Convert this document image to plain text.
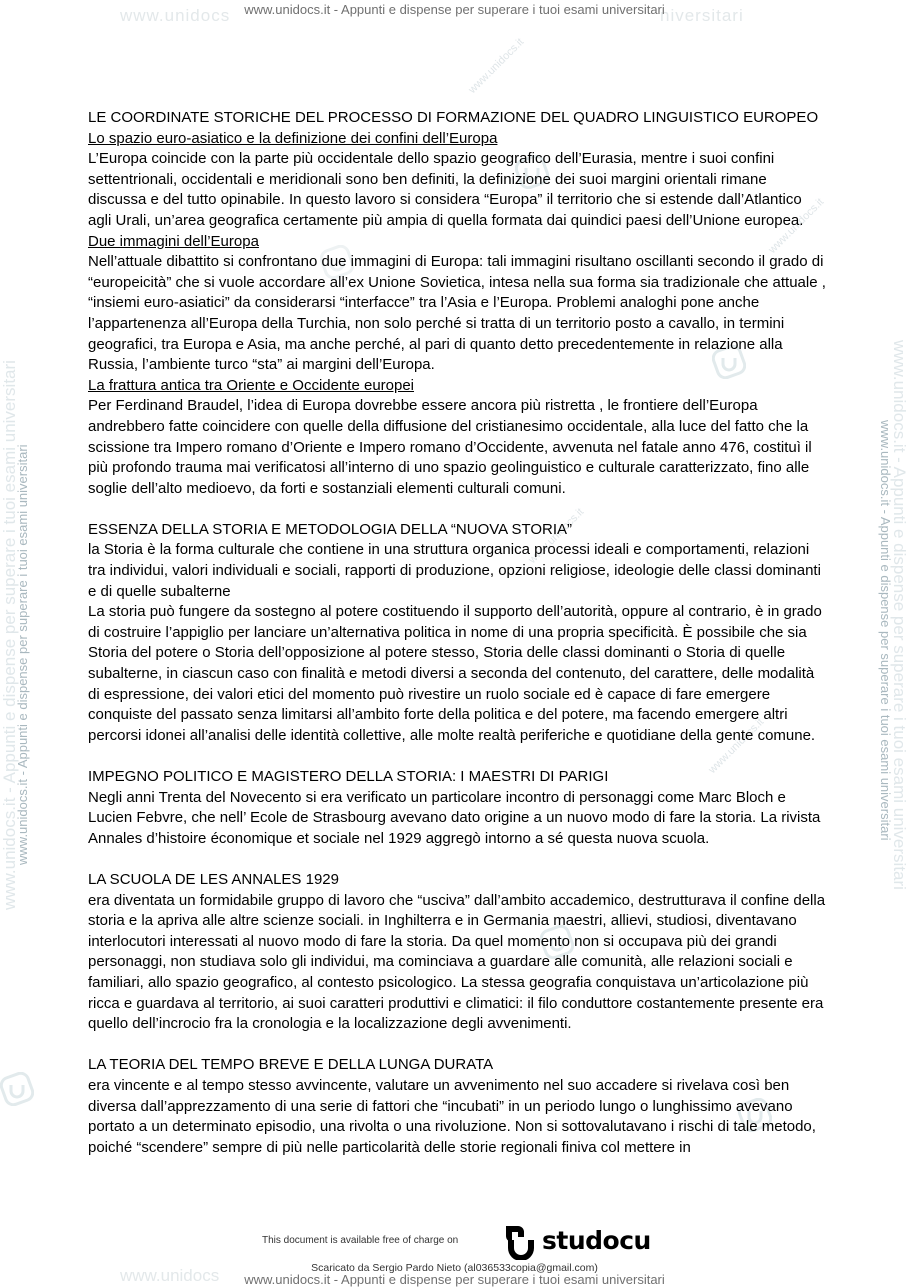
www.unidocs	niversitari
www.unidocs.it - Appunti e dispense per superare i tuoi esami universitari
www.unidocs.it - Appunti e dispense per superare i tuoi esami universitari
www.unidocs.it - Appunti e dispense per superare i tuoi esami universitari	www.unidocs.it - Appunti e dispense per superare i tuoi esami universitari
www.unidocs.it - Appunti e dispense per superare i tuoi esami universitari
www.unidocs.it
www.unidocs.it
www.unidocs.it
www.unidocs.it

LE COORDINATE STORICHE DEL PROCESSO DI FORMAZIONE DEL QUADRO LINGUISTICO EUROPEO

Lo spazio euro-asiatico e la definizione dei confini dell’Europa

L’Europa coincide con la parte più occidentale dello spazio geografico dell’Eurasia, mentre i suoi confini settentrionali, occidentali e meridionali sono ben definiti, la definizione dei suoi margini orientali rimane discussa e del tutto opinabile. In questo lavoro si considera “Europa” il territorio che si estende dall’Atlantico agli Urali, un’area geografica certamente più ampia di quella formata dai quindici paesi dell’Unione europea.

Due immagini dell’Europa

Nell’attuale dibattito si confrontano due immagini di Europa: tali immagini risultano oscillanti secondo il grado di “europeicità” che si vuole accordare all’ex Unione Sovietica, intesa nella sua forma sia tradizionale che attuale , “insiemi euro-asiatici” da considerarsi “interfacce” tra l’Asia e l’Europa. Problemi analoghi pone anche l’appartenenza all’Europa della Turchia, non solo perché si tratta di un territorio posto a cavallo, in termini geografici, tra Europa e Asia, ma anche perché, al pari di quanto detto precedentemente in relazione alla Russia, l’ambiente turco “sta” ai margini dell’Europa.

La frattura antica tra Oriente e Occidente europei

Per Ferdinand Braudel, l’idea di Europa dovrebbe essere ancora più ristretta , le frontiere dell’Europa andrebbero fatte coincidere con quelle della diffusione del cristianesimo occidentale, alla luce del fatto che la scissione tra Impero romano d’Oriente e Impero romano d’Occidente, avvenuta nel fatale anno 476, costituì il più profondo trauma mai verificatosi all’interno di uno spazio geolinguistico e culturale caratterizzato, fino alle soglie dell’alto medioevo, da forti e sostanziali elementi culturali comuni.

ESSENZA DELLA STORIA E METODOLOGIA DELLA “NUOVA STORIA”

la Storia è la forma culturale che contiene in una struttura organica processi ideali e comportamenti, relazioni tra individui, valori individuali e sociali, rapporti di produzione, opzioni religiose, ideologie delle classi dominanti e di quelle subalterne

La storia può fungere da sostegno al potere costituendo il supporto dell’autorità, oppure al contrario, è in grado di costruire l’appiglio per lanciare un’alternativa politica in nome di una propria specificità. È possibile che sia Storia del potere o Storia dell’opposizione al potere stesso, Storia delle classi dominanti o Storia di quelle subalterne, in ciascun caso con finalità e metodi diversi a seconda del contenuto, del carattere, delle modalità di espressione, dei valori etici del momento può rivestire un ruolo sociale ed è capace di fare emergere conquiste del passato senza limitarsi all’ambito forte della politica e del potere, ma facendo emergere altri percorsi idonei all’analisi delle identità collettive, alle molte realtà periferiche e quotidiane della gente comune.

IMPEGNO POLITICO E MAGISTERO DELLA STORIA: I MAESTRI DI PARIGI

Negli anni Trenta del Novecento si era verificato un particolare incontro di personaggi come Marc Bloch e Lucien Febvre, che nell’ Ecole de Strasbourg avevano dato origine a un nuovo modo di fare la storia. La rivista Annales d’histoire économique et sociale nel 1929 aggregò intorno a sé questa nuova scuola.

LA SCUOLA DE LES ANNALES 1929

era diventata un formidabile gruppo di lavoro che “usciva” dall’ambito accademico, destrutturava il confine della storia e la apriva alle altre scienze sociali. in Inghilterra e in Germania maestri, allievi, studiosi, diventavano interlocutori interessati al nuovo modo di fare la storia. Da quel momento non si occupava più dei grandi personaggi, non studiava solo gli individui, ma cominciava a guardare alle comunità, alle relazioni sociali e familiari, allo spazio geografico, al contesto psicologico. La stessa geografia conquistava un’articolazione più ricca e guardava al territorio, ai suoi caratteri produttivi e climatici: il filo conduttore costantemente presente era quello dell’incrocio fra la cronologia e la localizzazione degli avvenimenti.

LA TEORIA DEL TEMPO BREVE E DELLA LUNGA DURATA

era vincente e al tempo stesso avvincente, valutare un avvenimento nel suo accadere si rivelava così ben diversa dall’apprezzamento di una serie di fattori che “incubati” in un periodo lungo o lunghissimo avevano portato a un determinato episodio, una rivolta o una rivoluzione. Non si sottovalutavano i rischi di tale metodo, poiché “scendere” sempre di più nelle particolarità delle storie regionali finiva col mettere in

This document is available free of charge on	studocu
Scaricato da Sergio Pardo Nieto (al036533copia@gmail.com)
www.unidocs	www.unidocs.it - Appunti e dispense per superare i tuoi esami universitari
